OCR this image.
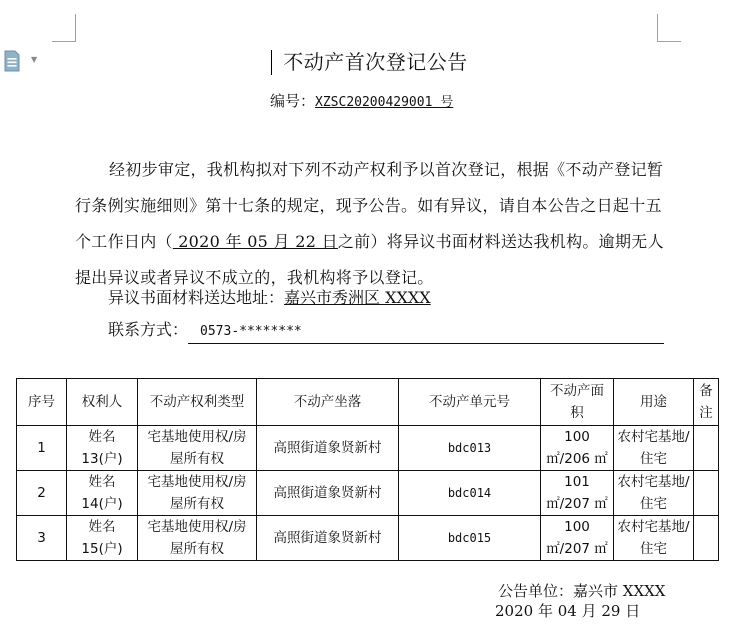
▼	不动产首次登记公告
编号：XZSC20200429001 号
经初步审定，我机构拟对下列不动产权利予以首次登记，根据《不动产登记暂行条例实施细则》第十七条的规定，现予公告。如有异议，请自本公告之日起十五个工作日内（ 2020 年 05 月 22 日之前）将异议书面材料送达我机构。逾期无人提出异议或者异议不成立的，我机构将予以登记。
异议书面材料送达地址：嘉兴市秀洲区 XXXX
联系方式： 0573-********
序号	权利人	不动产权利类型	不动产坐落	不动产单元号	不动产面积	用途	备注
1	姓名13(户)	宅基地使用权/房屋所有权	高照街道象贤新村	bdc013	100 ㎡/206 ㎡	农村宅基地/住宅	
2	姓名14(户)	宅基地使用权/房屋所有权	高照街道象贤新村	bdc014	101 ㎡/207 ㎡	农村宅基地/住宅	
3	姓名15(户)	宅基地使用权/房屋所有权	高照街道象贤新村	bdc015	100 ㎡/207 ㎡	农村宅基地/住宅	
公告单位：嘉兴市 XXXX
2020 年 04 月 29 日
